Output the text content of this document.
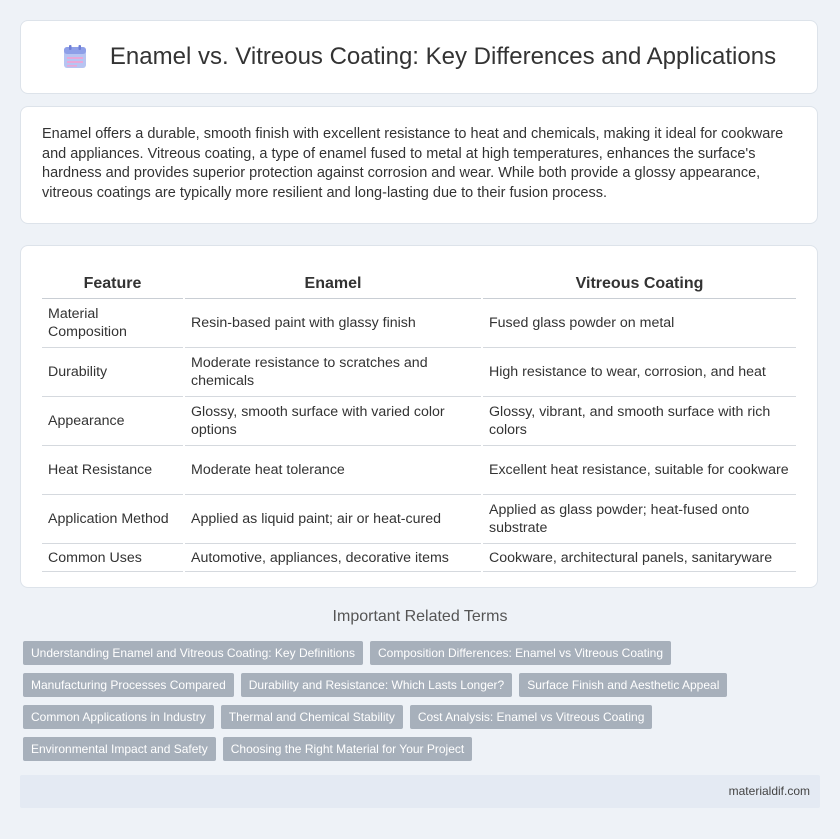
Enamel vs. Vitreous Coating: Key Differences and Applications

Enamel offers a durable, smooth finish with excellent resistance to heat and chemicals, making it ideal for cookware and appliances. Vitreous coating, a type of enamel fused to metal at high temperatures, enhances the surface's hardness and provides superior protection against corrosion and wear. While both provide a glossy appearance, vitreous coatings are typically more resilient and long-lasting due to their fusion process.

Feature	Enamel	Vitreous Coating
Material Composition	Resin-based paint with glassy finish	Fused glass powder on metal
Durability	Moderate resistance to scratches and chemicals	High resistance to wear, corrosion, and heat
Appearance	Glossy, smooth surface with varied color options	Glossy, vibrant, and smooth surface with rich colors
Heat Resistance	Moderate heat tolerance	Excellent heat resistance, suitable for cookware
Application Method	Applied as liquid paint; air or heat-cured	Applied as glass powder; heat-fused onto substrate
Common Uses	Automotive, appliances, decorative items	Cookware, architectural panels, sanitaryware
Important Related Terms
Understanding Enamel and Vitreous Coating: Key Definitions	Composition Differences: Enamel vs Vitreous Coating
Manufacturing Processes Compared	Durability and Resistance: Which Lasts Longer?	Surface Finish and Aesthetic Appeal
Common Applications in Industry	Thermal and Chemical Stability	Cost Analysis: Enamel vs Vitreous Coating
Environmental Impact and Safety	Choosing the Right Material for Your Project
materialdif.com
